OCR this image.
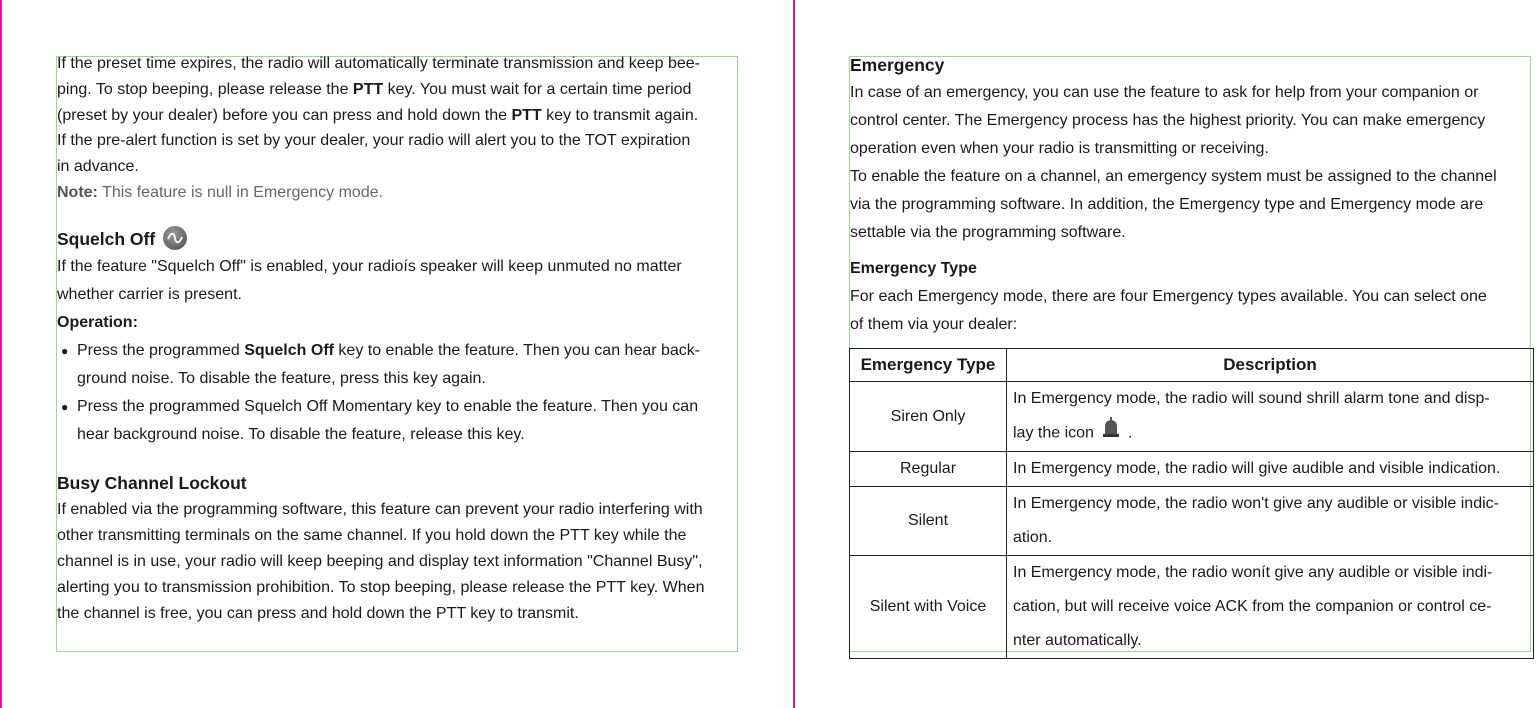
If the preset time expires, the radio will automatically terminate transmission and keep bee-
ping. To stop beeping, please release the PTT key. You must wait for a certain time period
(preset by your dealer) before you can press and hold down the PTT key to transmit again.
If the pre-alert function is set by your dealer, your radio will alert you to the TOT expiration
in advance.
Note: This feature is null in Emergency mode.
Squelch Off
If the feature "Squelch Off" is enabled, your radioís speaker will keep unmuted no matter
whether carrier is present.
Operation:
● Press the programmed Squelch Off key to enable the feature. Then you can hear back-
ground noise. To disable the feature, press this key again.
● Press the programmed Squelch Off Momentary key to enable the feature. Then you can
hear background noise. To disable the feature, release this key.
Busy Channel Lockout
If enabled via the programming software, this feature can prevent your radio interfering with
other transmitting terminals on the same channel. If you hold down the PTT key while the
channel is in use, your radio will keep beeping and display text information "Channel Busy",
alerting you to transmission prohibition. To stop beeping, please release the PTT key. When
the channel is free, you can press and hold down the PTT key to transmit.
Emergency
In case of an emergency, you can use the feature to ask for help from your companion or
control center. The Emergency process has the highest priority. You can make emergency
operation even when your radio is transmitting or receiving.
To enable the feature on a channel, an emergency system must be assigned to the channel
via the programming software. In addition, the Emergency type and Emergency mode are
settable via the programming software.
Emergency Type
For each Emergency mode, there are four Emergency types available. You can select one
of them via your dealer:
Emergency Type	Description
Siren Only	In Emergency mode, the radio will sound shrill alarm tone and disp-
lay the icon .

Regular	In Emergency mode, the radio will give audible and visible indication.

Silent	In Emergency mode, the radio won't give any audible or visible indic-
ation.

Silent with Voice	In Emergency mode, the radio wonít give any audible or visible indi-
cation, but will receive voice ACK from the companion or control ce-
nter automatically.
